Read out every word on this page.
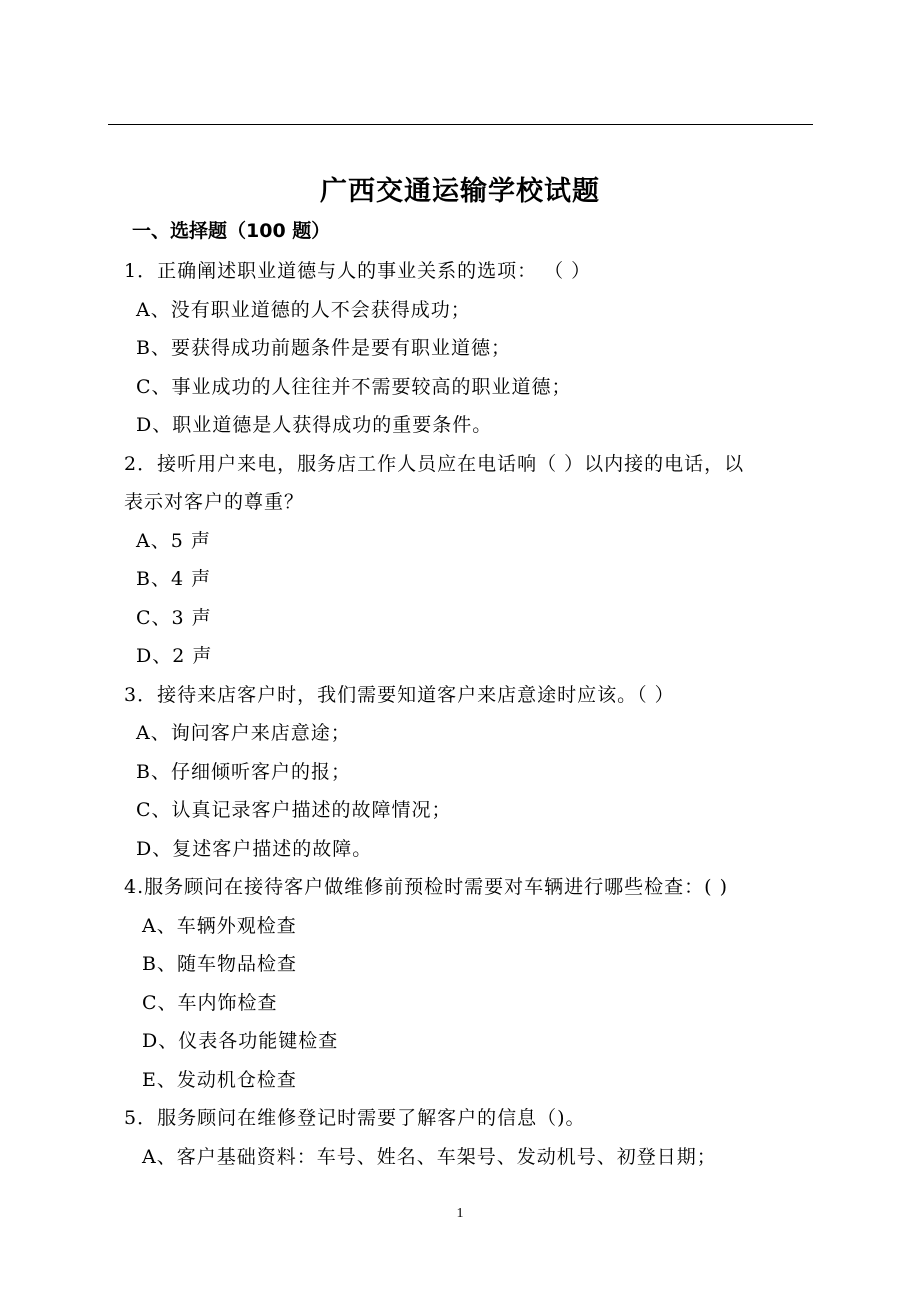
广西交通运输学校试题
一、选择题（100 题）
1．正确阐述职业道德与人的事业关系的选项： （ ）
A、没有职业道德的人不会获得成功；
B、要获得成功前题条件是要有职业道德；
C、事业成功的人往往并不需要较高的职业道德；
D、职业道德是人获得成功的重要条件。
2．接听用户来电，服务店工作人员应在电话响（ ）以内接的电话，以
表示对客户的尊重？
A、5 声
B、4 声
C、3 声
D、2 声
3．接待来店客户时，我们需要知道客户来店意途时应该。（ ）
A、询问客户来店意途；
B、仔细倾听客户的报；
C、认真记录客户描述的故障情况；
D、复述客户描述的故障。
4.服务顾问在接待客户做维修前预检时需要对车辆进行哪些检查：( )
A、车辆外观检查
B、随车物品检查
C、车内饰检查
D、仪表各功能键检查
E、发动机仓检查
5．服务顾问在维修登记时需要了解客户的信息（)。
A、客户基础资料：车号、姓名、车架号、发动机号、初登日期；
1
